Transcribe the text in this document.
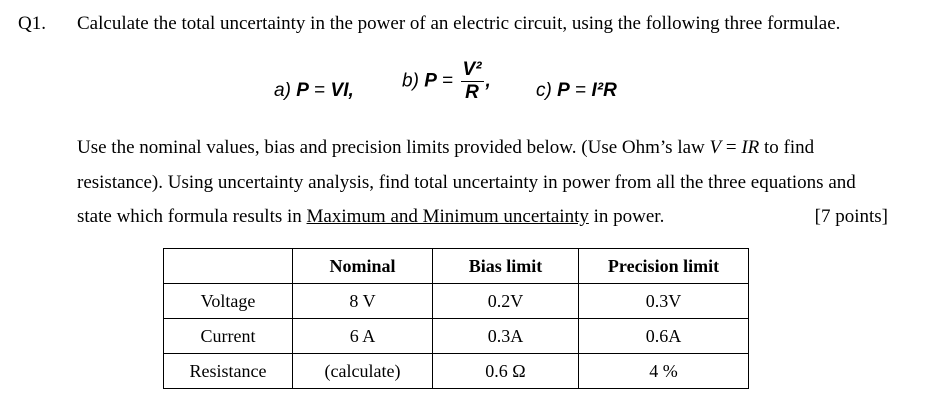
Q1. Calculate the total uncertainty in the power of an electric circuit, using the following three formulae.
a) P = VI,	b) $P = \frac{\text{V²}}{R}$ , c) P = I²R
Use the nominal values, bias and precision limits provided below. (Use Ohm’s law V = IR to find
resistance). Using uncertainty analysis, find total uncertainty in power from all the three equations and
state which formula results in Maximum and Minimum uncertainty in power.	[7 points]
	Nominal	Bias limit	Precision limit
Voltage	8 V	0.2V	0.3V
Current	6 A	0.3A	0.6A
Resistance	(calculate)	0.6 Ω	4 %
